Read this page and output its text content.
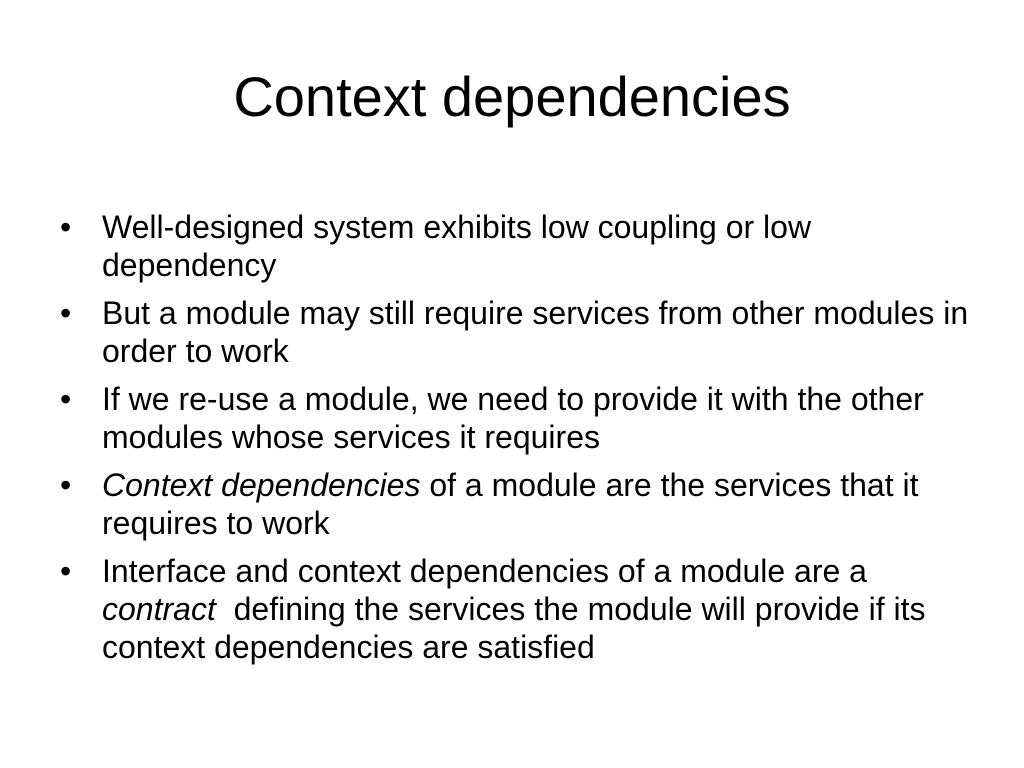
Context dependencies
• Well-designed system exhibits low coupling or low dependency
• But a module may still require services from other modules in order to work
• If we re-use a module, we need to provide it with the other modules whose services it requires
• Context dependencies of a module are the services that it requires to work
• Interface and context dependencies of a module are a contract  defining the services the module will provide if its context dependencies are satisfied
